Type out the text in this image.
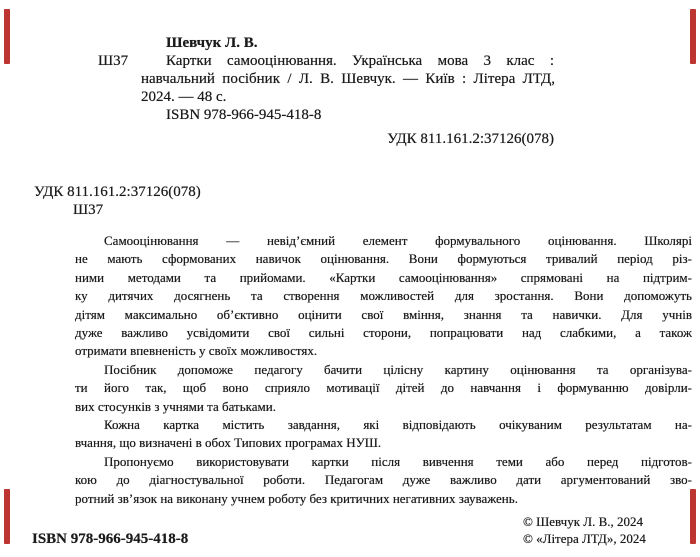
Шевчук Л. В.
Ш37	Картки самооцінювання. Українська мова 3 клас :
навчальний посібник / Л. В. Шевчук. — Київ : Літера ЛТД,
2024. — 48 с.
ISBN 978-966-945-418-8
УДК 811.161.2:37126(078)
УДК 811.161.2:37126(078)
Ш37
Самооцінювання — невід’ємний елемент формувального оцінювання. Школярі
не мають сформованих навичок оцінювання. Вони формуються тривалий період різ-
ними методами та прийомами. «Картки самооцінювання» спрямовані на підтрим-
ку дитячих досягнень та створення можливостей для зростання. Вони допоможуть
дітям максимально об’єктивно оцінити свої вміння, знання та навички. Для учнів
дуже важливо усвідомити свої сильні сторони, попрацювати над слабкими, а також
отримати впевненість у своїх можливостях.
Посібник допоможе педагогу бачити цілісну картину оцінювання та організува-
ти його так, щоб воно сприяло мотивації дітей до навчання і формуванню довірли-
вих стосунків з учнями та батьками.
Кожна картка містить завдання, які відповідають очікуваним результатам на-
вчання, що визначені в обох Типових програмах НУШ.
Пропонуємо використовувати картки після вивчення теми або перед підготов-
кою до діагностувальної роботи. Педагогам дуже важливо дати аргументований зво-
ротний зв’язок на виконану учнем роботу без критичних негативних зауважень.
ISBN 978-966-945-418-8
© Шевчук Л. В., 2024
© «Літера ЛТД», 2024
